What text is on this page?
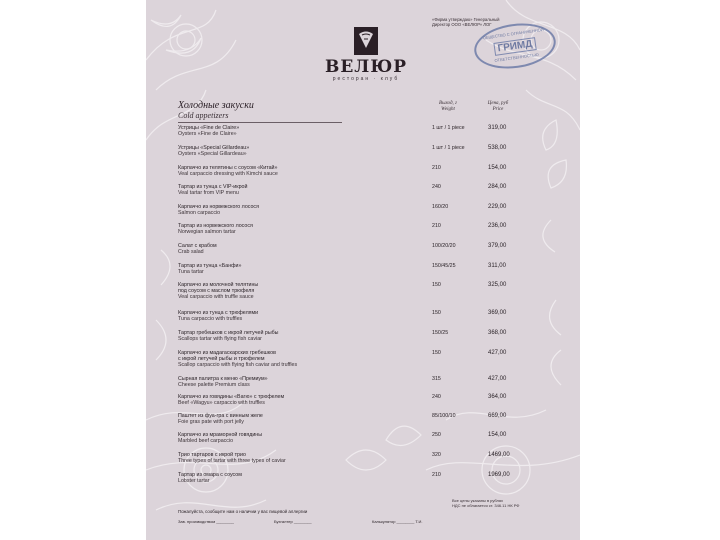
«Фирма утверждаю» Генеральный
Директор ООО «ВЕЛЮР» ЛОГ
ОБЩЕСТВО С ОГРАНИЧЕННОЙ
ГРИМД
ОТВЕТСТВЕННОСТЬЮ
ВЕЛЮР
ресторан · клуб
Холодные закуски
Cold appetizers
Выход, г
Weight
Цена, руб
Price
Устрицы «Fine de Claire»
Oysters «Fine de Claire»
1 шт / 1 piece	319,00
Устрицы «Special Gillardeau»
Oysters «Special Gillardeau»
1 шт / 1 piece	538,00
Карпаччо из телятины с соусом «Китай»
Veal carpaccio dressing with Kimchi sauce
210	154,00
Тартар из тунца с VIP-икрой
Veal tartar from VIP menu
240	284,00
Карпаччо из норвежского лосося
Salmon carpaccio
160/20	229,00
Тартар из норвежского лосося
Norwegian salmon tartar
210	236,00
Салат с крабом
Crab salad
100/20/20	379,00
Тартар из тунца «Банфи»
Tuna tartar
150/45/25	311,00
Карпаччо из молочной телятины
под соусом с маслом трюфеля
Veal carpaccio with truffle sauce
150	325,00
Карпаччо из тунца с трюфелями
Tuna carpaccio with truffles
150	369,00
Тартар гребешков с икрой летучей рыбы
Scallops tartar with flying fish caviar
150/25	368,00
Карпаччо из мадагаскарских гребешков
с икрой летучей рыбы и трюфелем
Scallop carpaccio with flying fish caviar and truffles
150	427,00
Сырная палитра к меню «Премиум»
Cheese palette Premium class
315	427,00
Карпаччо из говядины «Вагю» с трюфелем
Beef «Wagyu» carpaccio with truffles
240	364,00
Паштет из фуа-гра с винным желе
Foie gras pate with port jelly
85/100/10	669,00
Карпаччо из мраморной говядины
Marbled beef carpaccio
250	154,00
Трио тартаров с икрой трио
Three types of tartar with three types of caviar
320	1469,00
Тартар из омара с соусом
Lobster tartar
210	1969,00
Все цены указаны в рублях
НДС не облагается ст. 346.11 НК РФ
Пожалуйста, сообщите нам о наличии у вас пищевой аллергии
Зав. производством ________	Бухгалтер ________	Калькулятор ________ Т.И.
